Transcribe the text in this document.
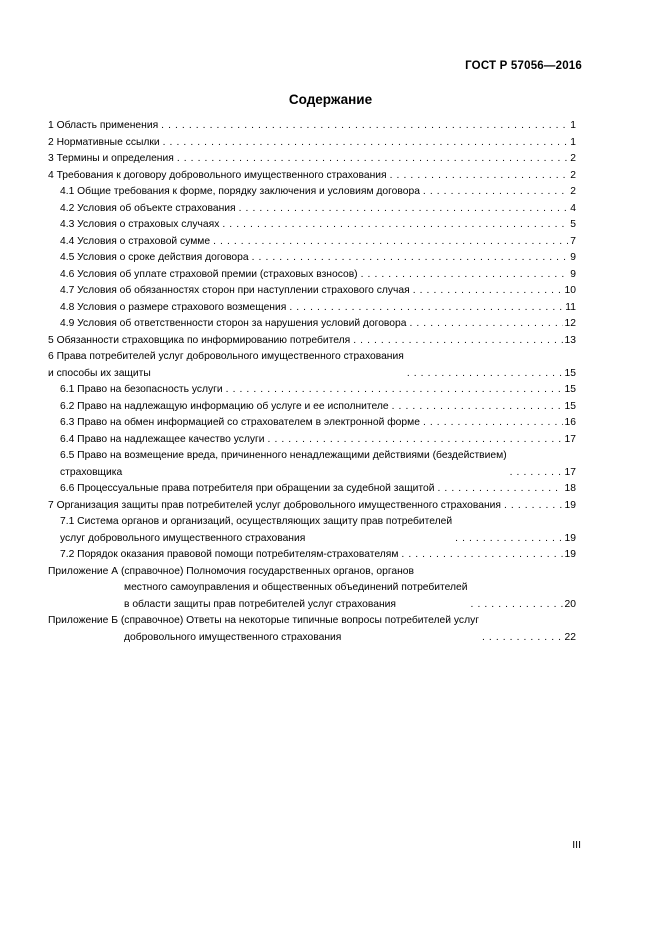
ГОСТ Р 57056—2016
Содержание
1 Область применения . . .	1
2 Нормативные ссылки . . .	1
3 Термины и определения . . .	2
4 Требования к договору добровольного имущественного страхования . . .	2
4.1 Общие требования к форме, порядку заключения и условиям договора . . .	2
4.2 Условия об объекте страхования . . .	4
4.3 Условия о страховых случаях . . .	5
4.4 Условия о страховой сумме . . .	7
4.5 Условия о сроке действия договора . . .	9
4.6 Условия об уплате страховой премии (страховых взносов) . . .	9
4.7 Условия об обязанностях сторон при наступлении страхового случая . . .	10
4.8 Условия о размере страхового возмещения . . .	11
4.9 Условия об ответственности сторон за нарушения условий договора . . .	12
5 Обязанности страховщика по информированию потребителя . . .	13
6 Права потребителей услуг добровольного имущественного страхования
и способы их защиты . . .	15
6.1 Право на безопасность услуги . . .	15
6.2 Право на надлежащую информацию об услуге и ее исполнителе . . .	15
6.3 Право на обмен информацией со страхователем в электронной форме . . .	16
6.4 Право на надлежащее качество услуги . . .	17
6.5 Право на возмещение вреда, причиненного ненадлежащими действиями (бездействием)
страховщика . . .	17
6.6 Процессуальные права потребителя при обращении за судебной защитой . . .	18
7 Организация защиты прав потребителей услуг добровольного имущественного страхования . . .	19
7.1 Система органов и организаций, осуществляющих защиту прав потребителей
услуг добровольного имущественного страхования . . .	19
7.2 Порядок оказания правовой помощи потребителям-страхователям . . .	19
Приложение А (справочное) Полномочия государственных органов, органов
местного самоуправления и общественных объединений потребителей
в области защиты прав потребителей услуг страхования . . .	20
Приложение Б (справочное) Ответы на некоторые типичные вопросы потребителей услуг
добровольного имущественного страхования . . .	22
III
